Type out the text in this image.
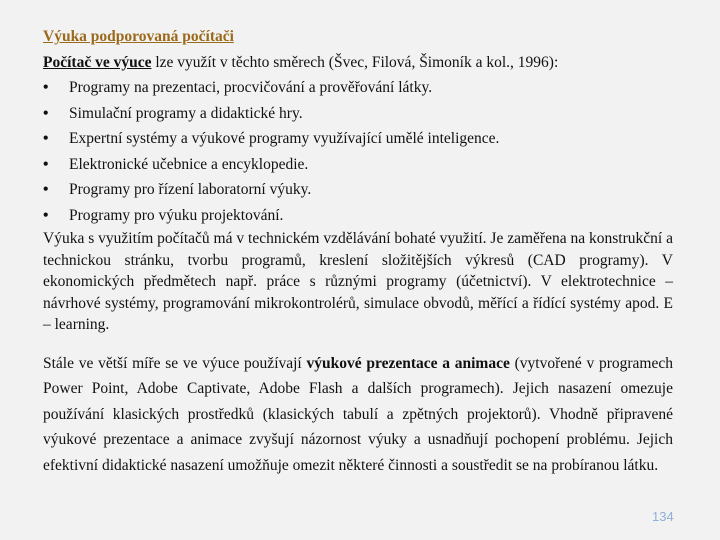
Výuka podporovaná počítači
Počítač ve výuce lze využít v těchto směrech (Švec, Filová, Šimoník a kol., 1996):
•	Programy na prezentaci, procvičování a prověřování látky.
•	Simulační programy a didaktické hry.
•	Expertní systémy a výukové programy využívající umělé inteligence.
•	Elektronické učebnice a encyklopedie.
•	Programy pro řízení laboratorní výuky.
•	Programy pro výuku projektování.
Výuka s využitím počítačů má v technickém vzdělávání bohaté využití. Je zaměřena na konstrukční a technickou stránku, tvorbu programů, kreslení složitějších výkresů (CAD programy). V ekonomických předmětech např. práce s různými programy (účetnictví). V elektrotechnice – návrhové systémy, programování mikrokontrolérů, simulace obvodů, měřící a řídící systémy apod. E – learning.
Stále ve větší míře se ve výuce používají výukové prezentace a animace (vytvořené v programech Power Point, Adobe Captivate, Adobe Flash a dalších programech). Jejich nasazení omezuje používání klasických prostředků (klasických tabulí a zpětných projektorů). Vhodně připravené výukové prezentace a animace zvyšují názornost výuky a usnadňují pochopení problému. Jejich efektivní didaktické nasazení umožňuje omezit některé činnosti a soustředit se na probíranou látku.
134
